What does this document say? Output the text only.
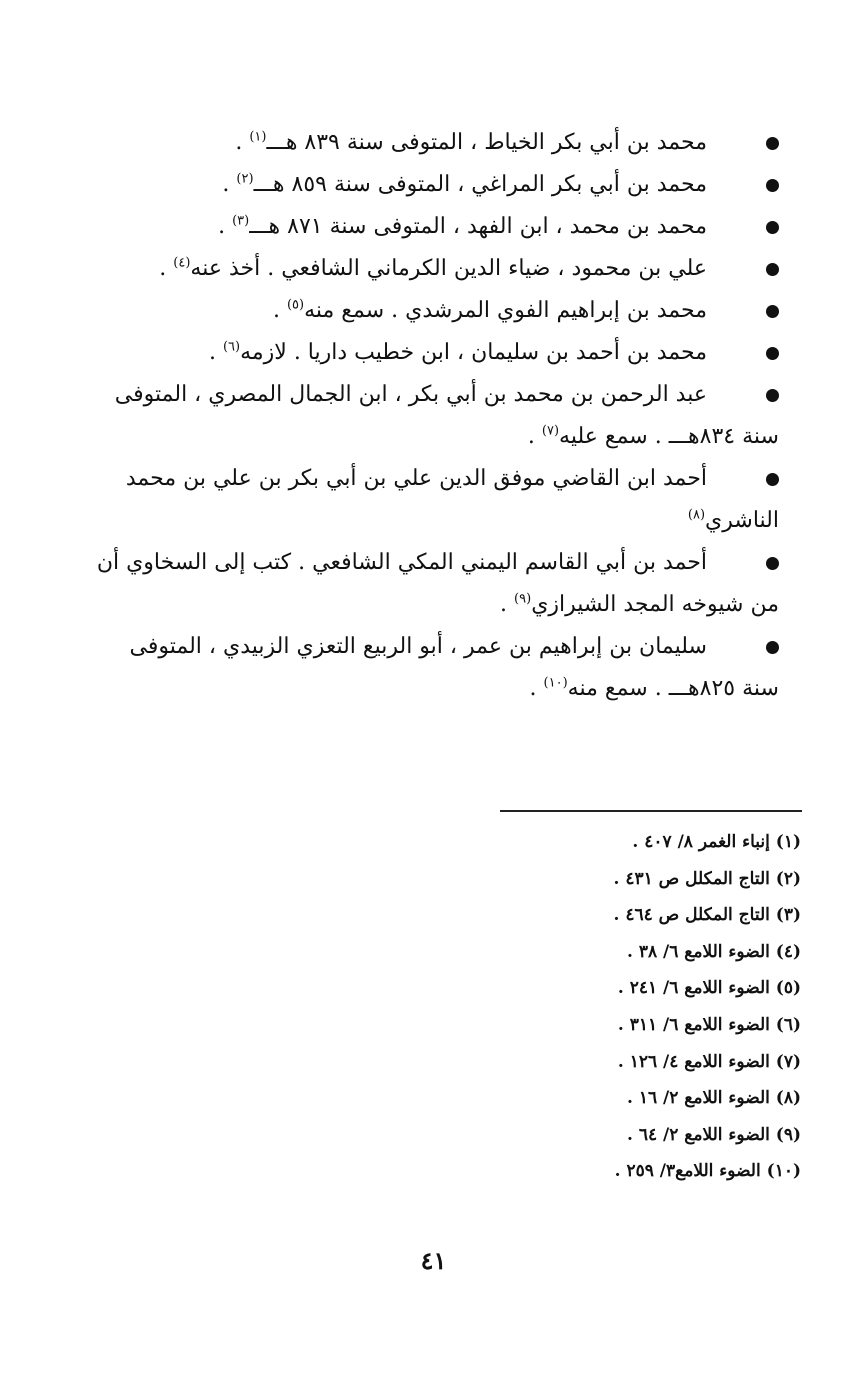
محمد بن أبي بكر الخياط ، المتوفى سنة ٨٣٩ هـــ$^{(١)}$ .
محمد بن أبي بكر المراغي ، المتوفى سنة ٨٥٩ هـــ$^{(٢)}$ .
محمد بن محمد ، ابن الفهد ، المتوفى سنة ٨٧١ هـــ$^{(٣)}$ .
علي بن محمود ، ضياء الدين الكرماني الشافعي . أخذ عنه$^{(٤)}$ .
محمد بن إبراهيم الفوي المرشدي . سمع منه$^{(٥)}$ .
محمد بن أحمد بن سليمان ، ابن خطيب داريا . لازمه$^{(٦)}$ .
عبد الرحمن بن محمد بن أبي بكر ، ابن الجمال المصري ، المتوفى
سنة ٨٣٤هـــ . سمع عليه$^{(٧)}$ .
أحمد ابن القاضي موفق الدين علي بن أبي بكر بن علي بن محمد
الناشري$^{(٨)}$
أحمد بن أبي القاسم اليمني المكي الشافعي . كتب إلى السخاوي أن
من شيوخه المجد الشيرازي$^{(٩)}$ .
سليمان بن إبراهيم بن عمر ، أبو الربيع التعزي الزبيدي ، المتوفى
سنة ٨٢٥هـــ . سمع منه$^{(١٠)}$ .
(١) إنباء الغمر ٨/ ٤٠٧ .
(٢) التاج المكلل ص ٤٣١ .
(٣) التاج المكلل ص ٤٦٤ .
(٤) الضوء اللامع ٦/ ٣٨ .
(٥) الضوء اللامع ٦/ ٢٤١ .
(٦) الضوء اللامع ٦/ ٣١١ .
(٧) الضوء اللامع ٤/ ١٢٦ .
(٨) الضوء اللامع ٢/ ١٦ .
(٩) الضوء اللامع ٢/ ٦٤ .
(١٠) الضوء اللامع٣/ ٢٥٩ .
٤١
